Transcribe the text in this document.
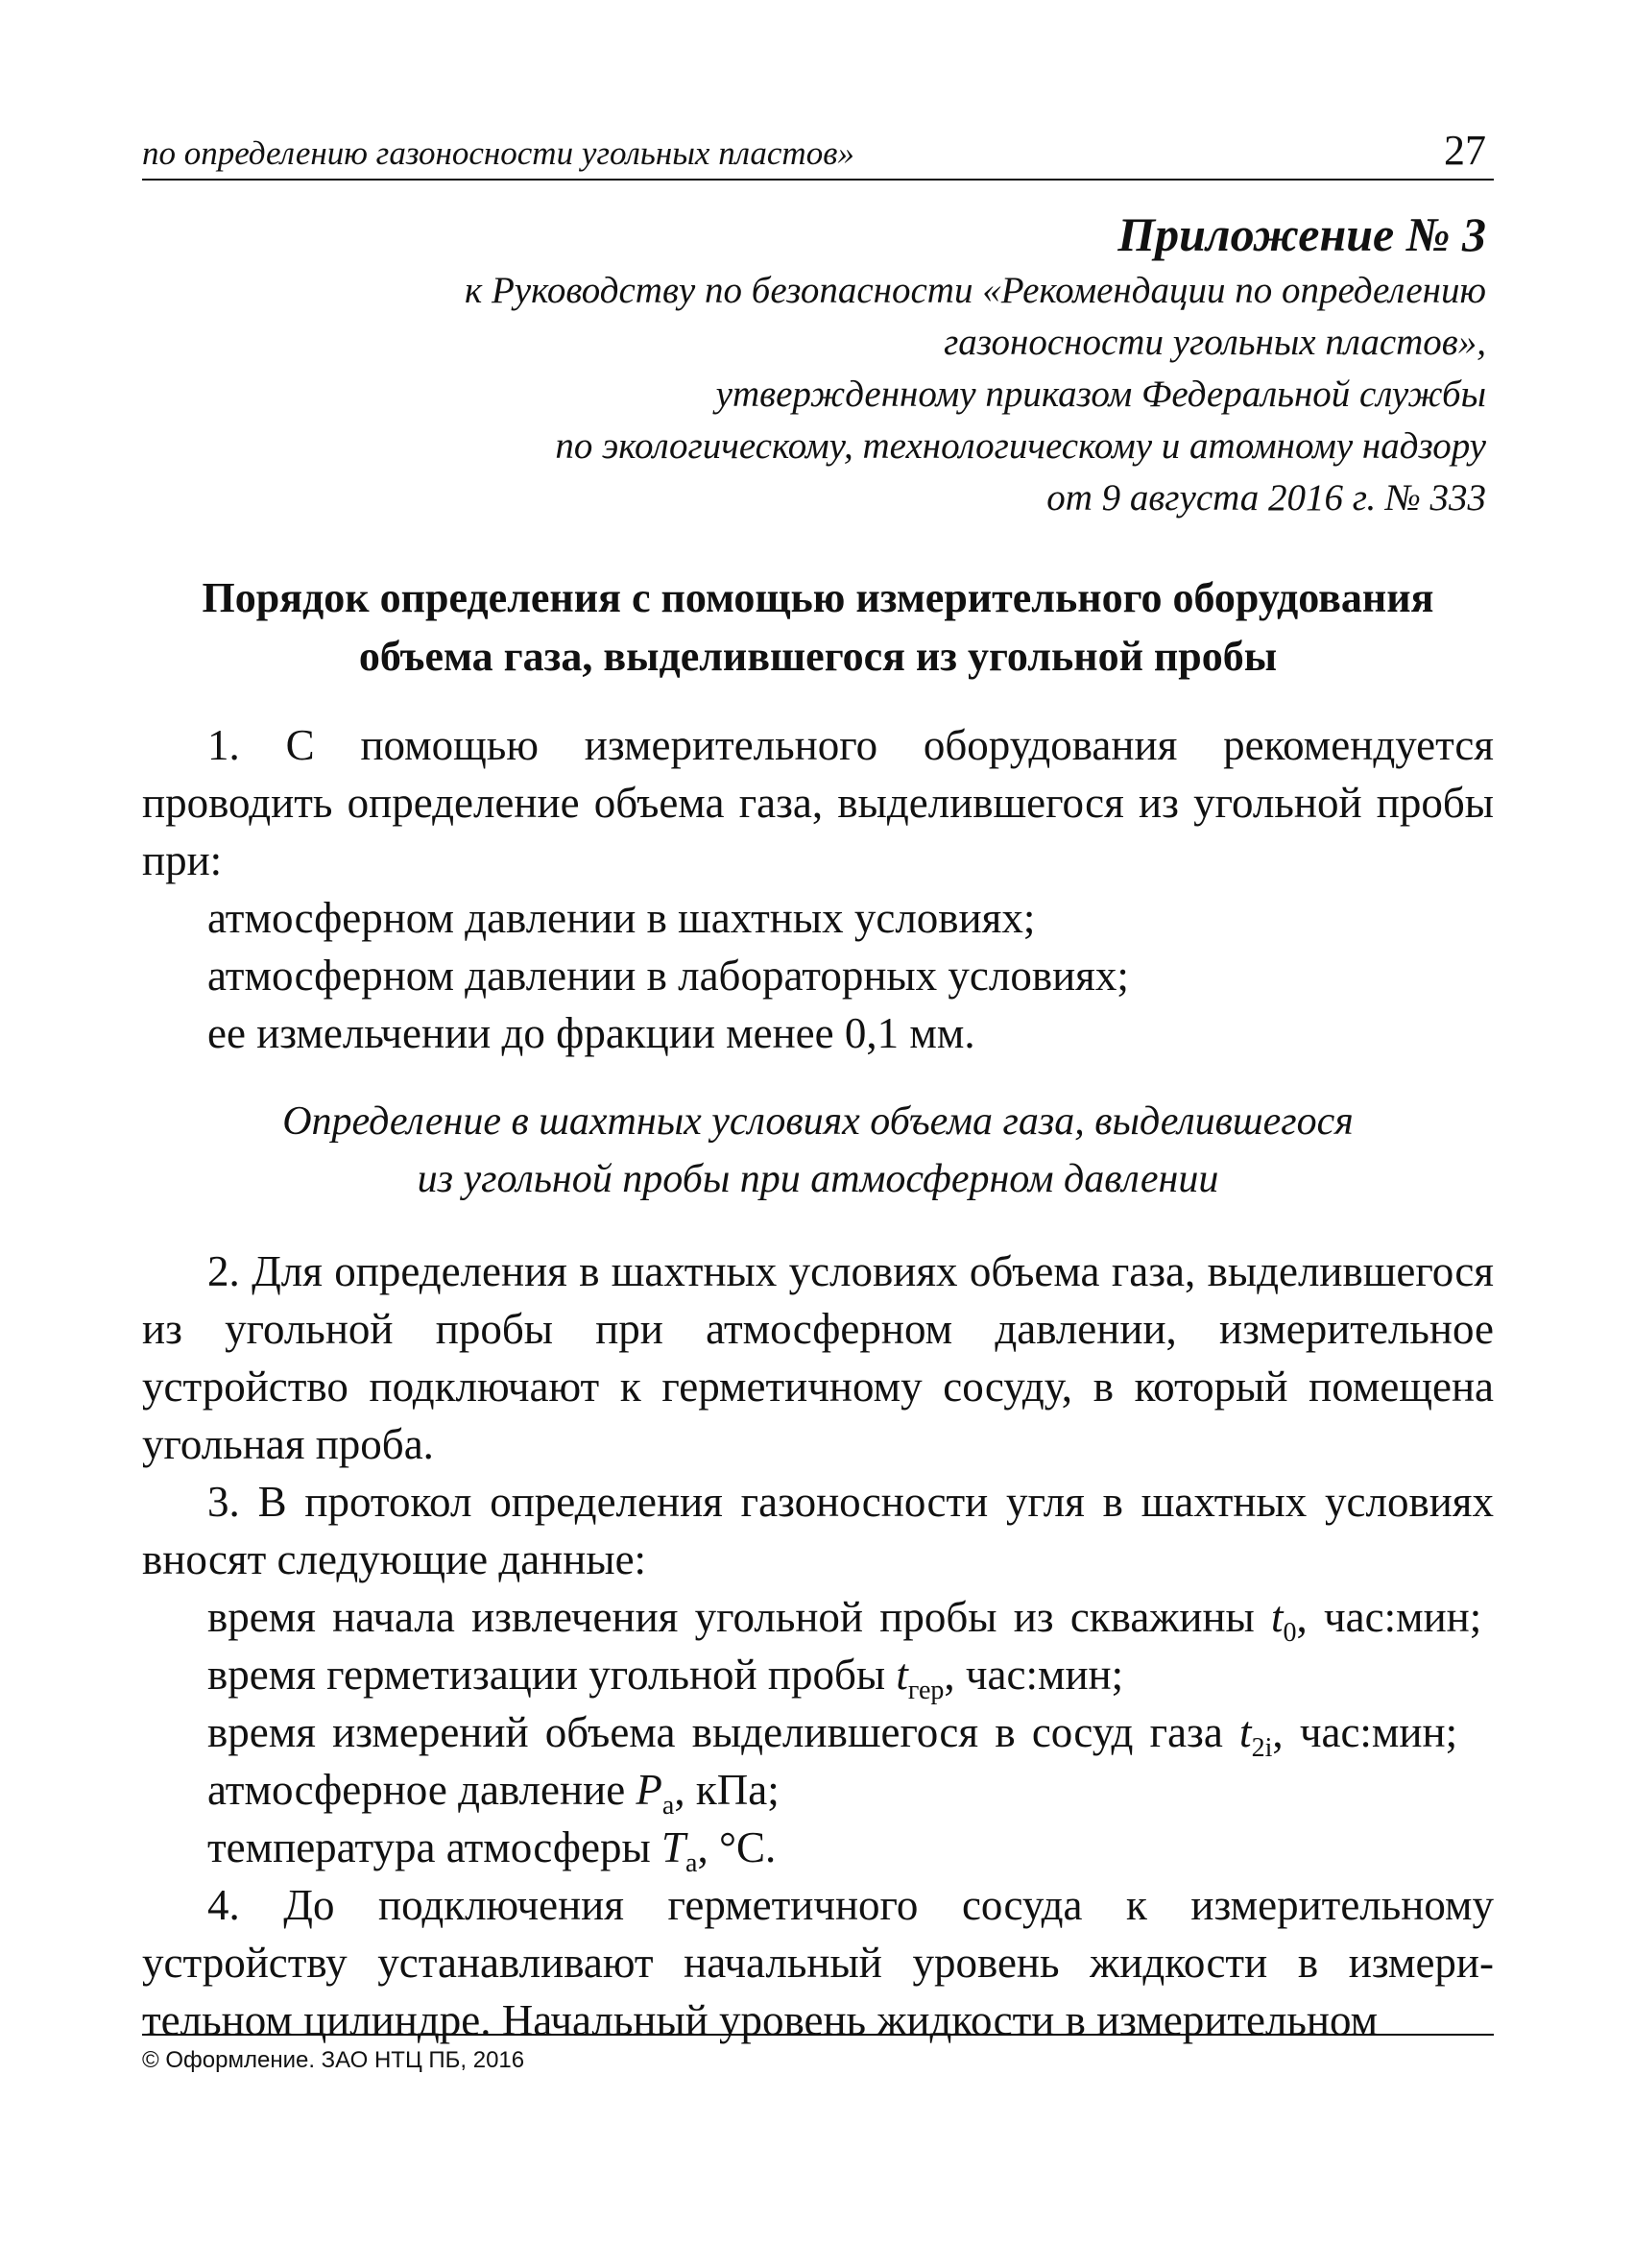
по определению газоносности угольных пластов»	27
Приложение № 3
к Руководству по безопасности «Рекомендации по определению
газоносности угольных пластов»,
утвержденному приказом Федеральной службы
по экологическому, технологическому и атомному надзору
от 9 августа 2016 г. № 333
Порядок определения с помощью измерительного оборудования
объема газа, выделившегося из угольной пробы

1. С помощью измерительного оборудования рекомендуется проводить определение объема газа, выделившегося из угольной пробы при:

атмосферном давлении в шахтных условиях;
атмосферном давлении в лабораторных условиях;
ее измельчении до фракции менее 0,1 мм.
Определение в шахтных условиях объема газа, выделившегося
из угольной пробы при атмосферном давлении

2. Для определения в шахтных условиях объема газа, выделившегося из угольной пробы при атмосферном давлении, измерительное устройство подключают к герметичному сосуду, в который помещена угольная проба.

3. В протокол определения газоносности угля в шахтных условиях вносят следующие данные:

время начала извлечения угольной пробы из скважины $t_0$, час:мин;
время герметизации угольной пробы $t_{гер}$, час:мин;
время измерений объема выделившегося в сосуд газа $t_{2i}$, час:мин;
атмосферное давление $P_а$, кПа;
температура атмосферы $T_а$, °С.

4. До подключения герметичного сосуда к измерительному устройству устанавливают начальный уровень жидкости в измерительном цилиндре. Начальный уровень жидкости в измерительном

© Оформление. ЗАО НТЦ ПБ, 2016
